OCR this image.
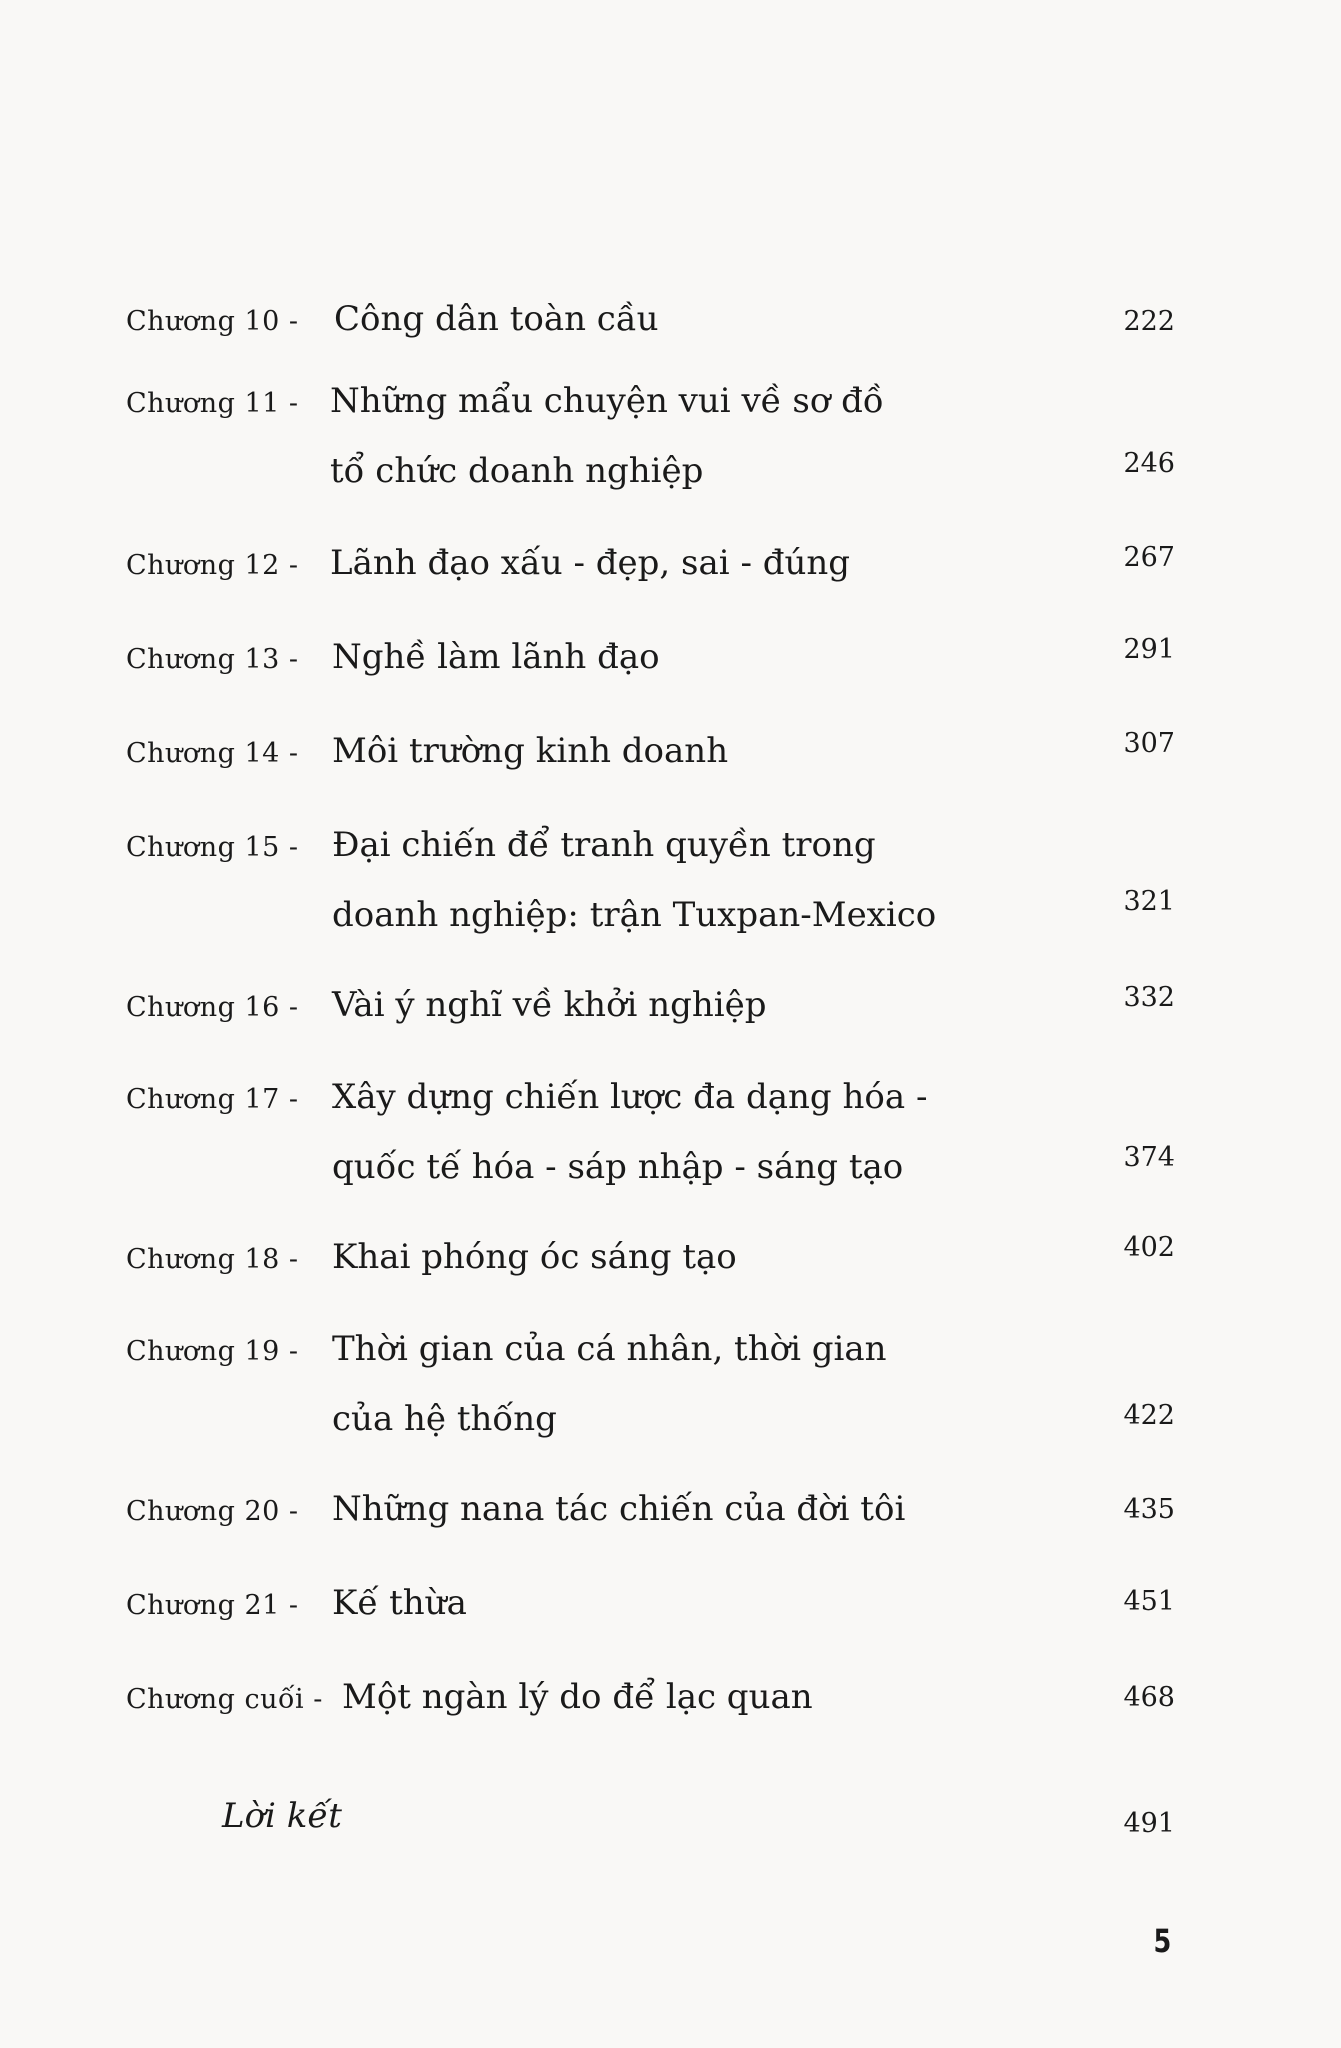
Chương 10 - Công dân toàn cầu	222
Chương 11 - Những mẩu chuyện vui về sơ đồ
tổ chức doanh nghiệp	246
Chương 12 - Lãnh đạo xấu - đẹp, sai - đúng	267
Chương 13 - Nghề làm lãnh đạo	291
Chương 14 - Môi trường kinh doanh	307
Chương 15 - Đại chiến để tranh quyền trong
doanh nghiệp: trận Tuxpan-Mexico	321
Chương 16 - Vài ý nghĩ về khởi nghiệp	332
Chương 17 - Xây dựng chiến lược đa dạng hóa -
quốc tế hóa - sáp nhập - sáng tạo	374
Chương 18 - Khai phóng óc sáng tạo	402
Chương 19 - Thời gian của cá nhân, thời gian
của hệ thống	422
Chương 20 - Những nana tác chiến của đời tôi	435
Chương 21 - Kế thừa	451
Chương cuối - Một ngàn lý do để lạc quan	468
Lời kết	491
5
